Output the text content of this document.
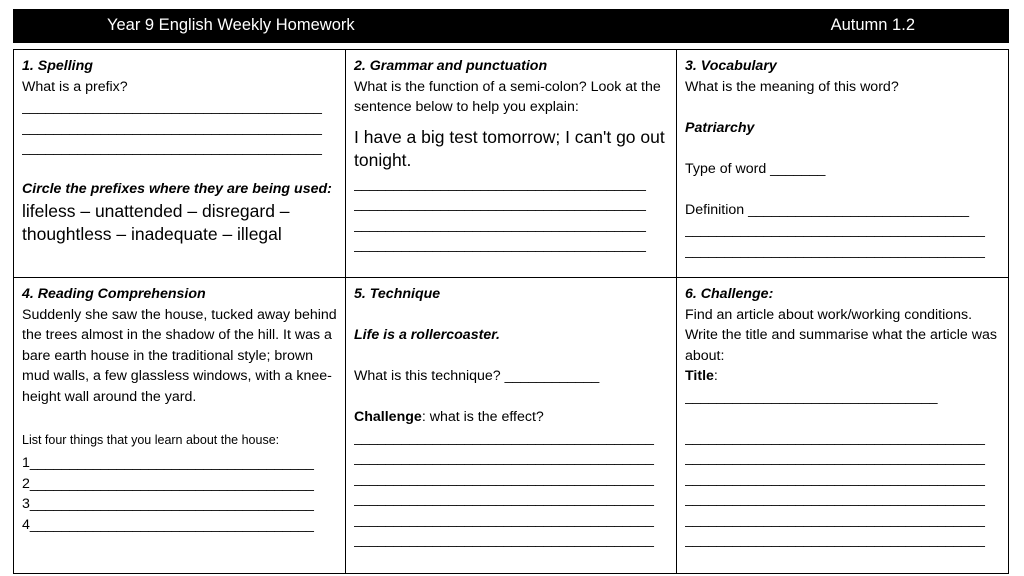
Year 9 English Weekly Homework	Autumn 1.2
1. Spelling
What is a prefix?
______________________________________
______________________________________
______________________________________
Circle the prefixes where they are being used:
lifeless – unattended – disregard –
thoughtless – inadequate – illegal
2. Grammar and punctuation
What is the function of a semi-colon? Look at the sentence below to help you explain:
I have a big test tomorrow; I can't go out tonight.
_____________________________________
_____________________________________
_____________________________________
_____________________________________
3. Vocabulary
What is the meaning of this word?
Patriarchy
Type of word _______
Definition ____________________________
______________________________________
______________________________________
4. Reading Comprehension
Suddenly she saw the house, tucked away behind the trees almost in the shadow of the hill. It was a bare earth house in the traditional style; brown mud walls, a few glassless windows, with a knee-height wall around the yard.
List four things that you learn about the house:
1____________________________________
2____________________________________
3____________________________________
4____________________________________
5. Technique
Life is a rollercoaster.
What is this technique? ____________
Challenge: what is the effect?
______________________________________
______________________________________
______________________________________
______________________________________
______________________________________
______________________________________
6. Challenge:
Find an article about work/working conditions. Write the title and summarise what the article was about:
Title:
________________________________
______________________________________
______________________________________
______________________________________
______________________________________
______________________________________
______________________________________
